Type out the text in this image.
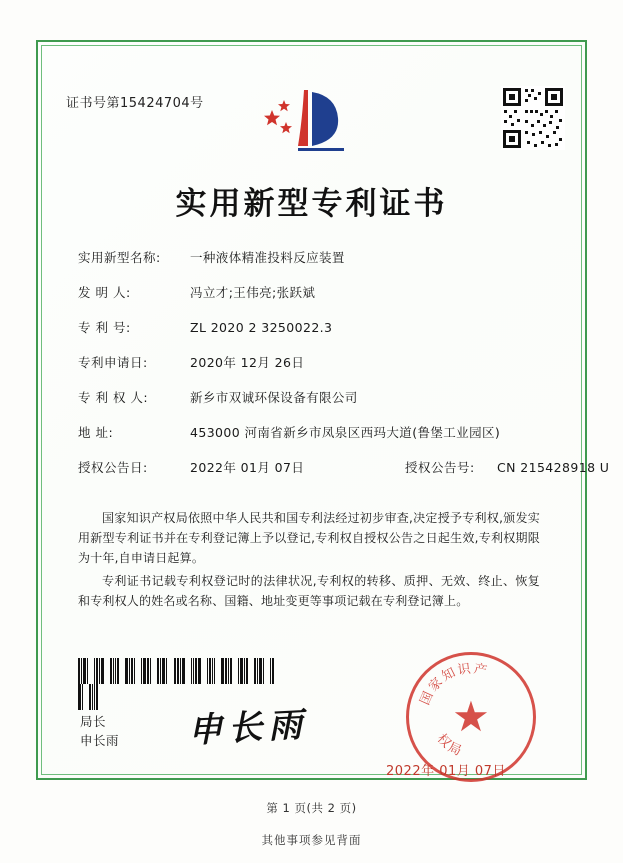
证书号第15424704号
实用新型专利证书
实用新型名称:	一种液体精准投料反应装置
发 明 人:	冯立才;王伟亮;张跃斌
专 利 号:	ZL 2020 2 3250022.3
专利申请日:	2020年 12月 26日
专 利 权 人:	新乡市双诚环保设备有限公司
地 址:	453000 河南省新乡市凤泉区西玛大道(鲁堡工业园区)
授权公告日:	2022年 01月 07日	授权公告号:	CN 215428918 U
国家知识产权局依照中华人民共和国专利法经过初步审查,决定授予专利权,颁发实用新型专利证书并在专利登记簿上予以登记,专利权自授权公告之日起生效,专利权期限为十年,自申请日起算。
专利证书记载专利权登记时的法律状况,专利权的转移、质押、无效、终止、恢复和专利权人的姓名或名称、国籍、地址变更等事项记载在专利登记簿上。

局长
申长雨 申长雨
国家知识产
权局
★
2022年 01月 07日
第 1 页(共 2 页)
其他事项参见背面
